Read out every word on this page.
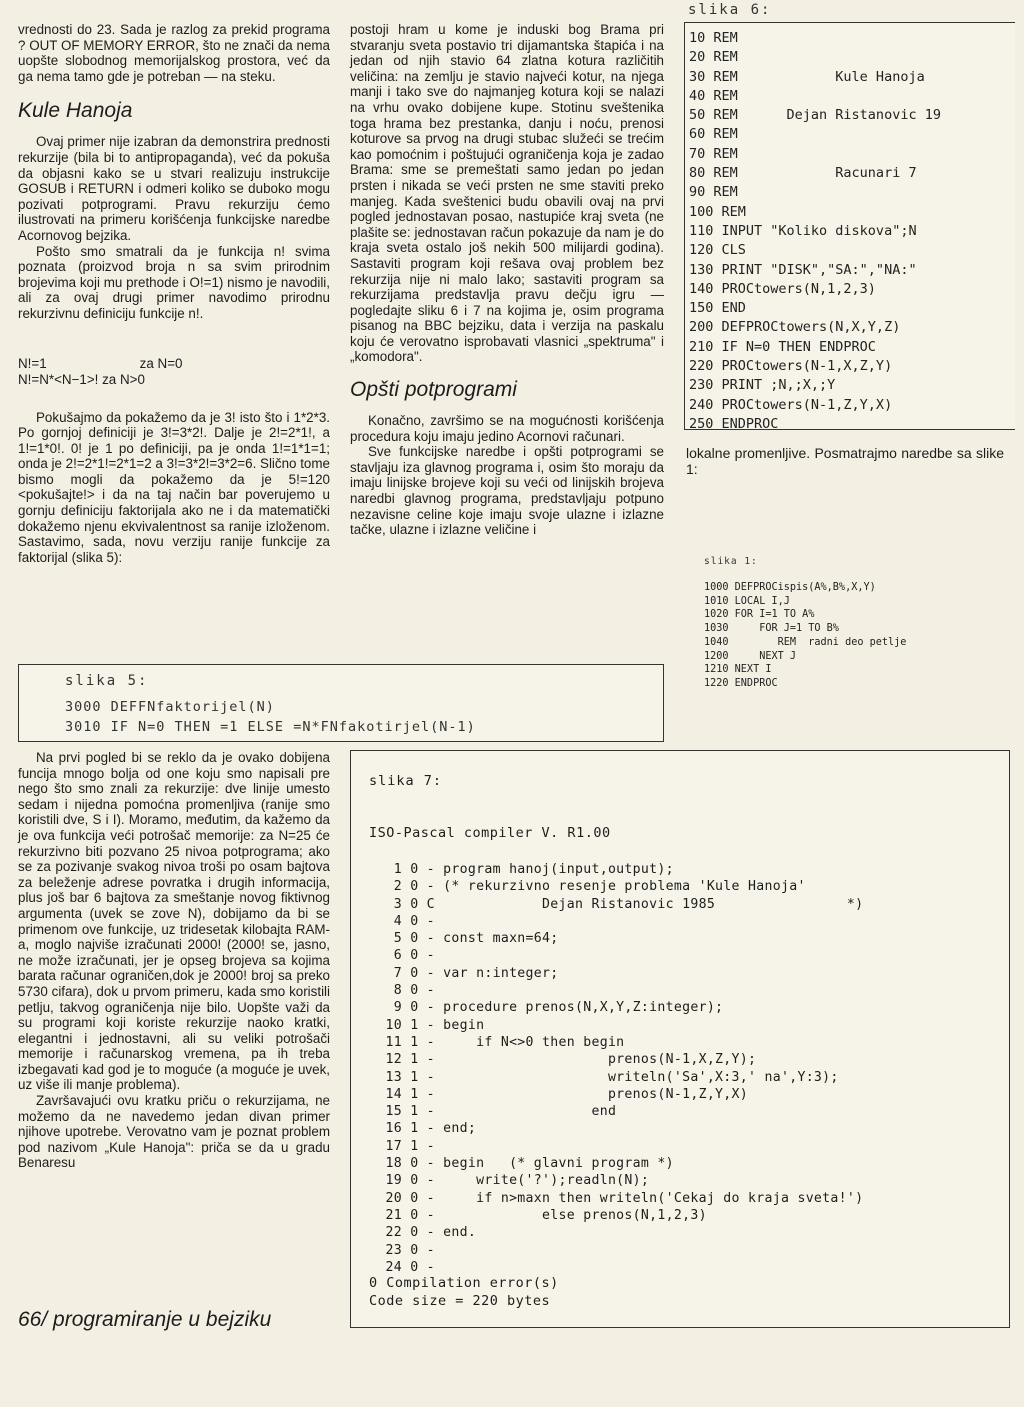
vrednosti do 23. Sada je razlog za prekid programa ? OUT OF MEMORY ERROR, što ne znači da nema uopšte slobodnog memorijalskog prostora, već da ga nema tamo gde je potreban — na steku.

Kule Hanoja

Ovaj primer nije izabran da demonstrira prednosti rekurzije (bila bi to antipropaganda), već da pokuša da objasni kako se u stvari realizuju instrukcije GOSUB i RETURN i odmeri koliko se duboko mogu pozivati potprogrami. Pravu rekurziju ćemo ilustrovati na primeru korišćenja funkcijske naredbe Acornovog bejzika.

Pošto smo smatrali da je funkcija n! svima poznata (proizvod broja n sa svim prirodnim brojevima koji mu prethode i O!=1) nismo je navodili, ali za ovaj drugi primer navodimo prirodnu rekurzivnu definiciju funkcije n!.

N!=1                         za N=0
N!=N*<N−1>! za N>0

Pokušajmo da pokažemo da je 3! isto što i 1*2*3. Po gornjoj definiciji je 3!=3*2!. Dalje je 2!=2*1!, a 1!=1*0!. 0! je 1 po definiciji, pa je onda 1!=1*1=1; onda je 2!=2*1!=2*1=2 a 3!=3*2!=3*2=6. Slično tome bismo mogli da pokažemo da je 5!=120 <pokušajte!> i da na taj način bar poverujemo u gornju definiciju faktorijala ako ne i da matematički dokažemo njenu ekvivalentnost sa ranije izloženom. Sastavimo, sada, novu verziju ranije funkcije za faktorijal (slika 5):

postoji hram u kome je induski bog Brama pri stvaranju sveta postavio tri dijamantska štapića i na jedan od njih stavio 64 zlatna kotura različitih veličina: na zemlju je stavio najveći kotur, na njega manji i tako sve do najmanjeg kotura koji se nalazi na vrhu ovako dobijene kupe. Stotinu sveštenika toga hrama bez prestanka, danju i noću, prenosi koturove sa prvog na drugi stubac služeći se trećim kao pomoćnim i poštujući ograničenja koja je zadao Brama: sme se premeštati samo jedan po jedan prsten i nikada se veći prsten ne sme staviti preko manjeg. Kada sveštenici budu obavili ovaj na prvi pogled jednostavan posao, nastupiće kraj sveta (ne plašite se: jednostavan račun pokazuje da nam je do kraja sveta ostalo još nekih 500 milijardi godina). Sastaviti program koji rešava ovaj problem bez rekurzija nije ni malo lako; sastaviti program sa rekurzijama predstavlja pravu dečju igru — pogledajte sliku 6 i 7 na kojima je, osim programa pisanog na BBC bejziku, data i verzija na paskalu koju će verovatno isprobavati vlasnici „spektruma" i „komodora".

Opšti potprogrami

Konačno, završimo se na mogućnosti korišćenja procedura koju imaju jedino Acornovi računari.

Sve funkcijske naredbe i opšti potprogrami se stavljaju iza glavnog programa i, osim što moraju da imaju linijske brojeve koji su veći od linijskih brojeva naredbi glavnog programa, predstavljaju potpuno nezavisne celine koje imaju svoje ulazne i izlazne tačke, ulazne i izlazne veličine i

slika 6:
10 REM
20 REM
30 REM            Kule Hanoja
40 REM
50 REM      Dejan Ristanovic 19
60 REM
70 REM
80 REM            Racunari 7
90 REM
100 REM
110 INPUT "Koliko diskova";N
120 CLS
130 PRINT "DISK","SA:","NA:"
140 PROCtowers(N,1,2,3)
150 END
200 DEFPROCtowers(N,X,Y,Z)
210 IF N=0 THEN ENDPROC
220 PROCtowers(N-1,X,Z,Y)
230 PRINT ;N,;X,;Y
240 PROCtowers(N-1,Z,Y,X)
250 ENDPROC

lokalne promenljive. Posmatrajmo naredbe sa slike 1:

slika 1:
1000 DEFPROCispis(A%,B%,X,Y)
1010 LOCAL I,J
1020 FOR I=1 TO A%
1030     FOR J=1 TO B%
1040        REM  radni deo petlje
1200     NEXT J
1210 NEXT I
1220 ENDPROC
slika 5:
3000 DEFFNfaktorijel(N)
3010 IF N=0 THEN =1 ELSE =N*FNfakotirjel(N-1)

Na prvi pogled bi se reklo da je ovako dobijena funcija mnogo bolja od one koju smo napisali pre nego što smo znali za rekurzije: dve linije umesto sedam i nijedna pomoćna promenljiva (ranije smo koristili dve, S i I). Moramo, međutim, da kažemo da je ova funkcija veći potrošač memorije: za N=25 će rekurzivno biti pozvano 25 nivoa potprograma; ako se za pozivanje svakog nivoa troši po osam bajtova za beleženje adrese povratka i drugih informacija, plus još bar 6 bajtova za smeštanje novog fiktivnog argumenta (uvek se zove N), dobijamo da bi se primenom ove funkcije, uz tridesetak kilobajta RAM-a, moglo najviše izračunati 2000! (2000! se, jasno, ne može izračunati, jer je opseg brojeva sa kojima barata računar ograničen,dok je 2000! broj sa preko 5730 cifara), dok u prvom primeru, kada smo koristili petlju, takvog ograničenja nije bilo. Uopšte važi da su programi koji koriste rekurzije naoko kratki, elegantni i jednostavni, ali su veliki potrošači memorije i računarskog vremena, pa ih treba izbegavati kad god je to moguće (a moguće je uvek, uz više ili manje problema).

Završavajući ovu kratku priču o rekurzijama, ne možemo da ne navedemo jedan divan primer njihove upotrebe. Verovatno vam je poznat problem pod nazivom „Kule Hanoja": priča se da u gradu Benaresu

slika 7:
ISO-Pascal compiler V. R1.00
1 0 - program hanoj(input,output);
2 0 - (* rekurzivno resenje problema 'Kule Hanoja'
3 0 C             Dejan Ristanovic 1985                *)
4 0 -
5 0 - const maxn=64;
6 0 -
7 0 - var n:integer;
8 0 -
9 0 - procedure prenos(N,X,Y,Z:integer);
10 1 - begin
11 1 -     if N<>0 then begin
12 1 -                     prenos(N-1,X,Z,Y);
13 1 -                     writeln('Sa',X:3,' na',Y:3);
14 1 -                     prenos(N-1,Z,Y,X)
15 1 -                   end
16 1 - end;
17 1 -
18 0 - begin   (* glavni program *)
19 0 -     write('?');readln(N);
20 0 -     if n>maxn then writeln('Cekaj do kraja sveta!')
21 0 -             else prenos(N,1,2,3)
22 0 - end.
23 0 -
24 0 -
0 Compilation error(s)
Code size = 220 bytes
66/ programiranje u bejziku
